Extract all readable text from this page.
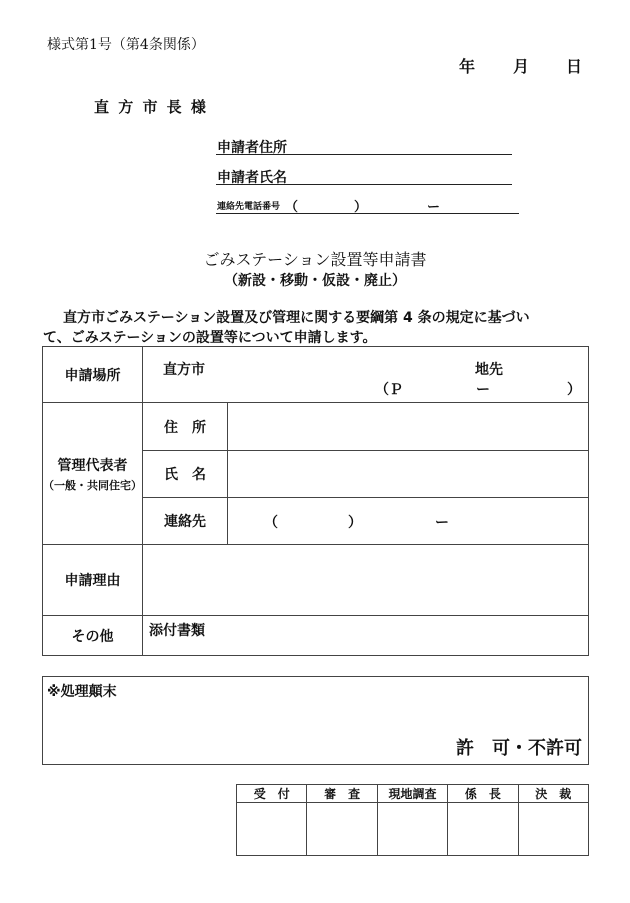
様式第1号（第4条関係）
年 月 日
直 方 市 長 様
申請者住所
申請者氏名
連絡先電話番号 （	）	ー
ごみステーション設置等申請書
（新設・移動・仮設・廃止）
直方市ごみステーション設置及び管理に関する要綱第 4 条の規定に基づい
て、ごみステーションの設置等について申請します。
申請場所	直方市 地先
（Ｐ ー ）	

管理代表者
（一般・共同住宅）	住　所	
	氏　名	
	連絡先	（ ） ー

申請理由		
その他	添付書類	
※処理顛末
許　可・不許可
受　付	審　査	現地調査	係　長	決　裁
